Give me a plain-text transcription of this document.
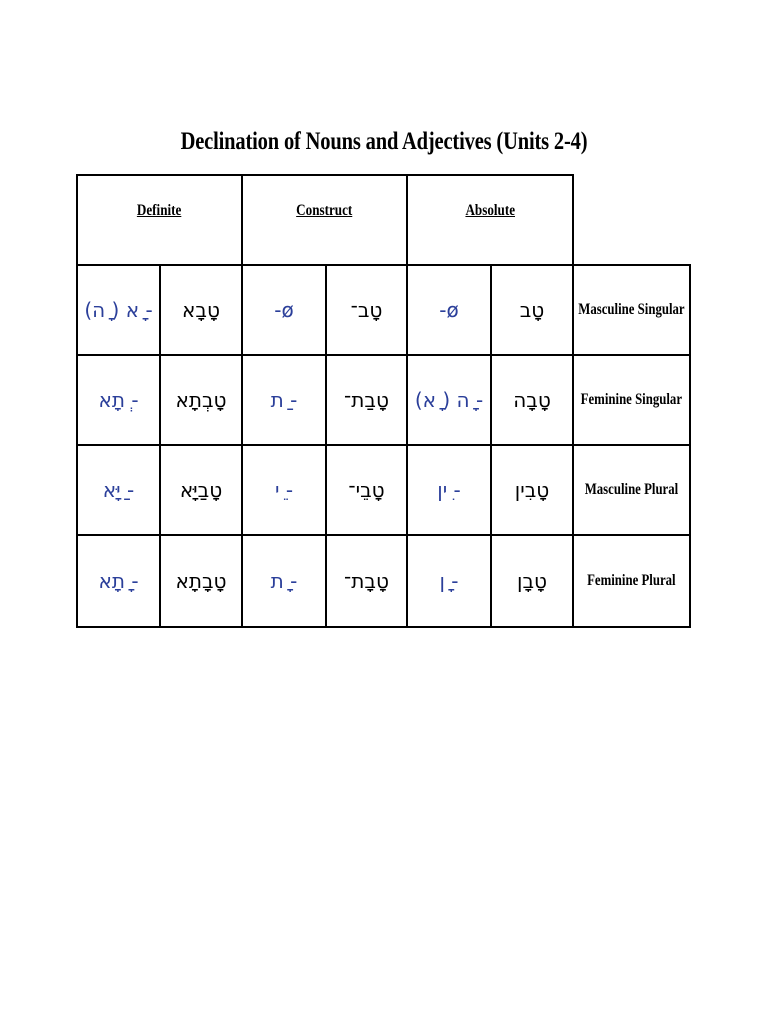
Declination of Nouns and Adjectives (Units 2-4)
Definite	Construct	Absolute
- ָא ( ָה)	טָבָא	ø-	טָב־	ø-	טָב	Masculine Singular
- ְתָא	טָבְתָא	- ַת	טָבַת־	- ָה ( ָא)	טָבָה	Feminine Singular
- ַיָּא	טָבַיָּא	- ֵי	טָבֵי־	- ִין	טָבִין	Masculine Plural
- ָתָא	טָבָתָא	- ָת	טָבָת־	- ָן	טָבָן	Feminine Plural
